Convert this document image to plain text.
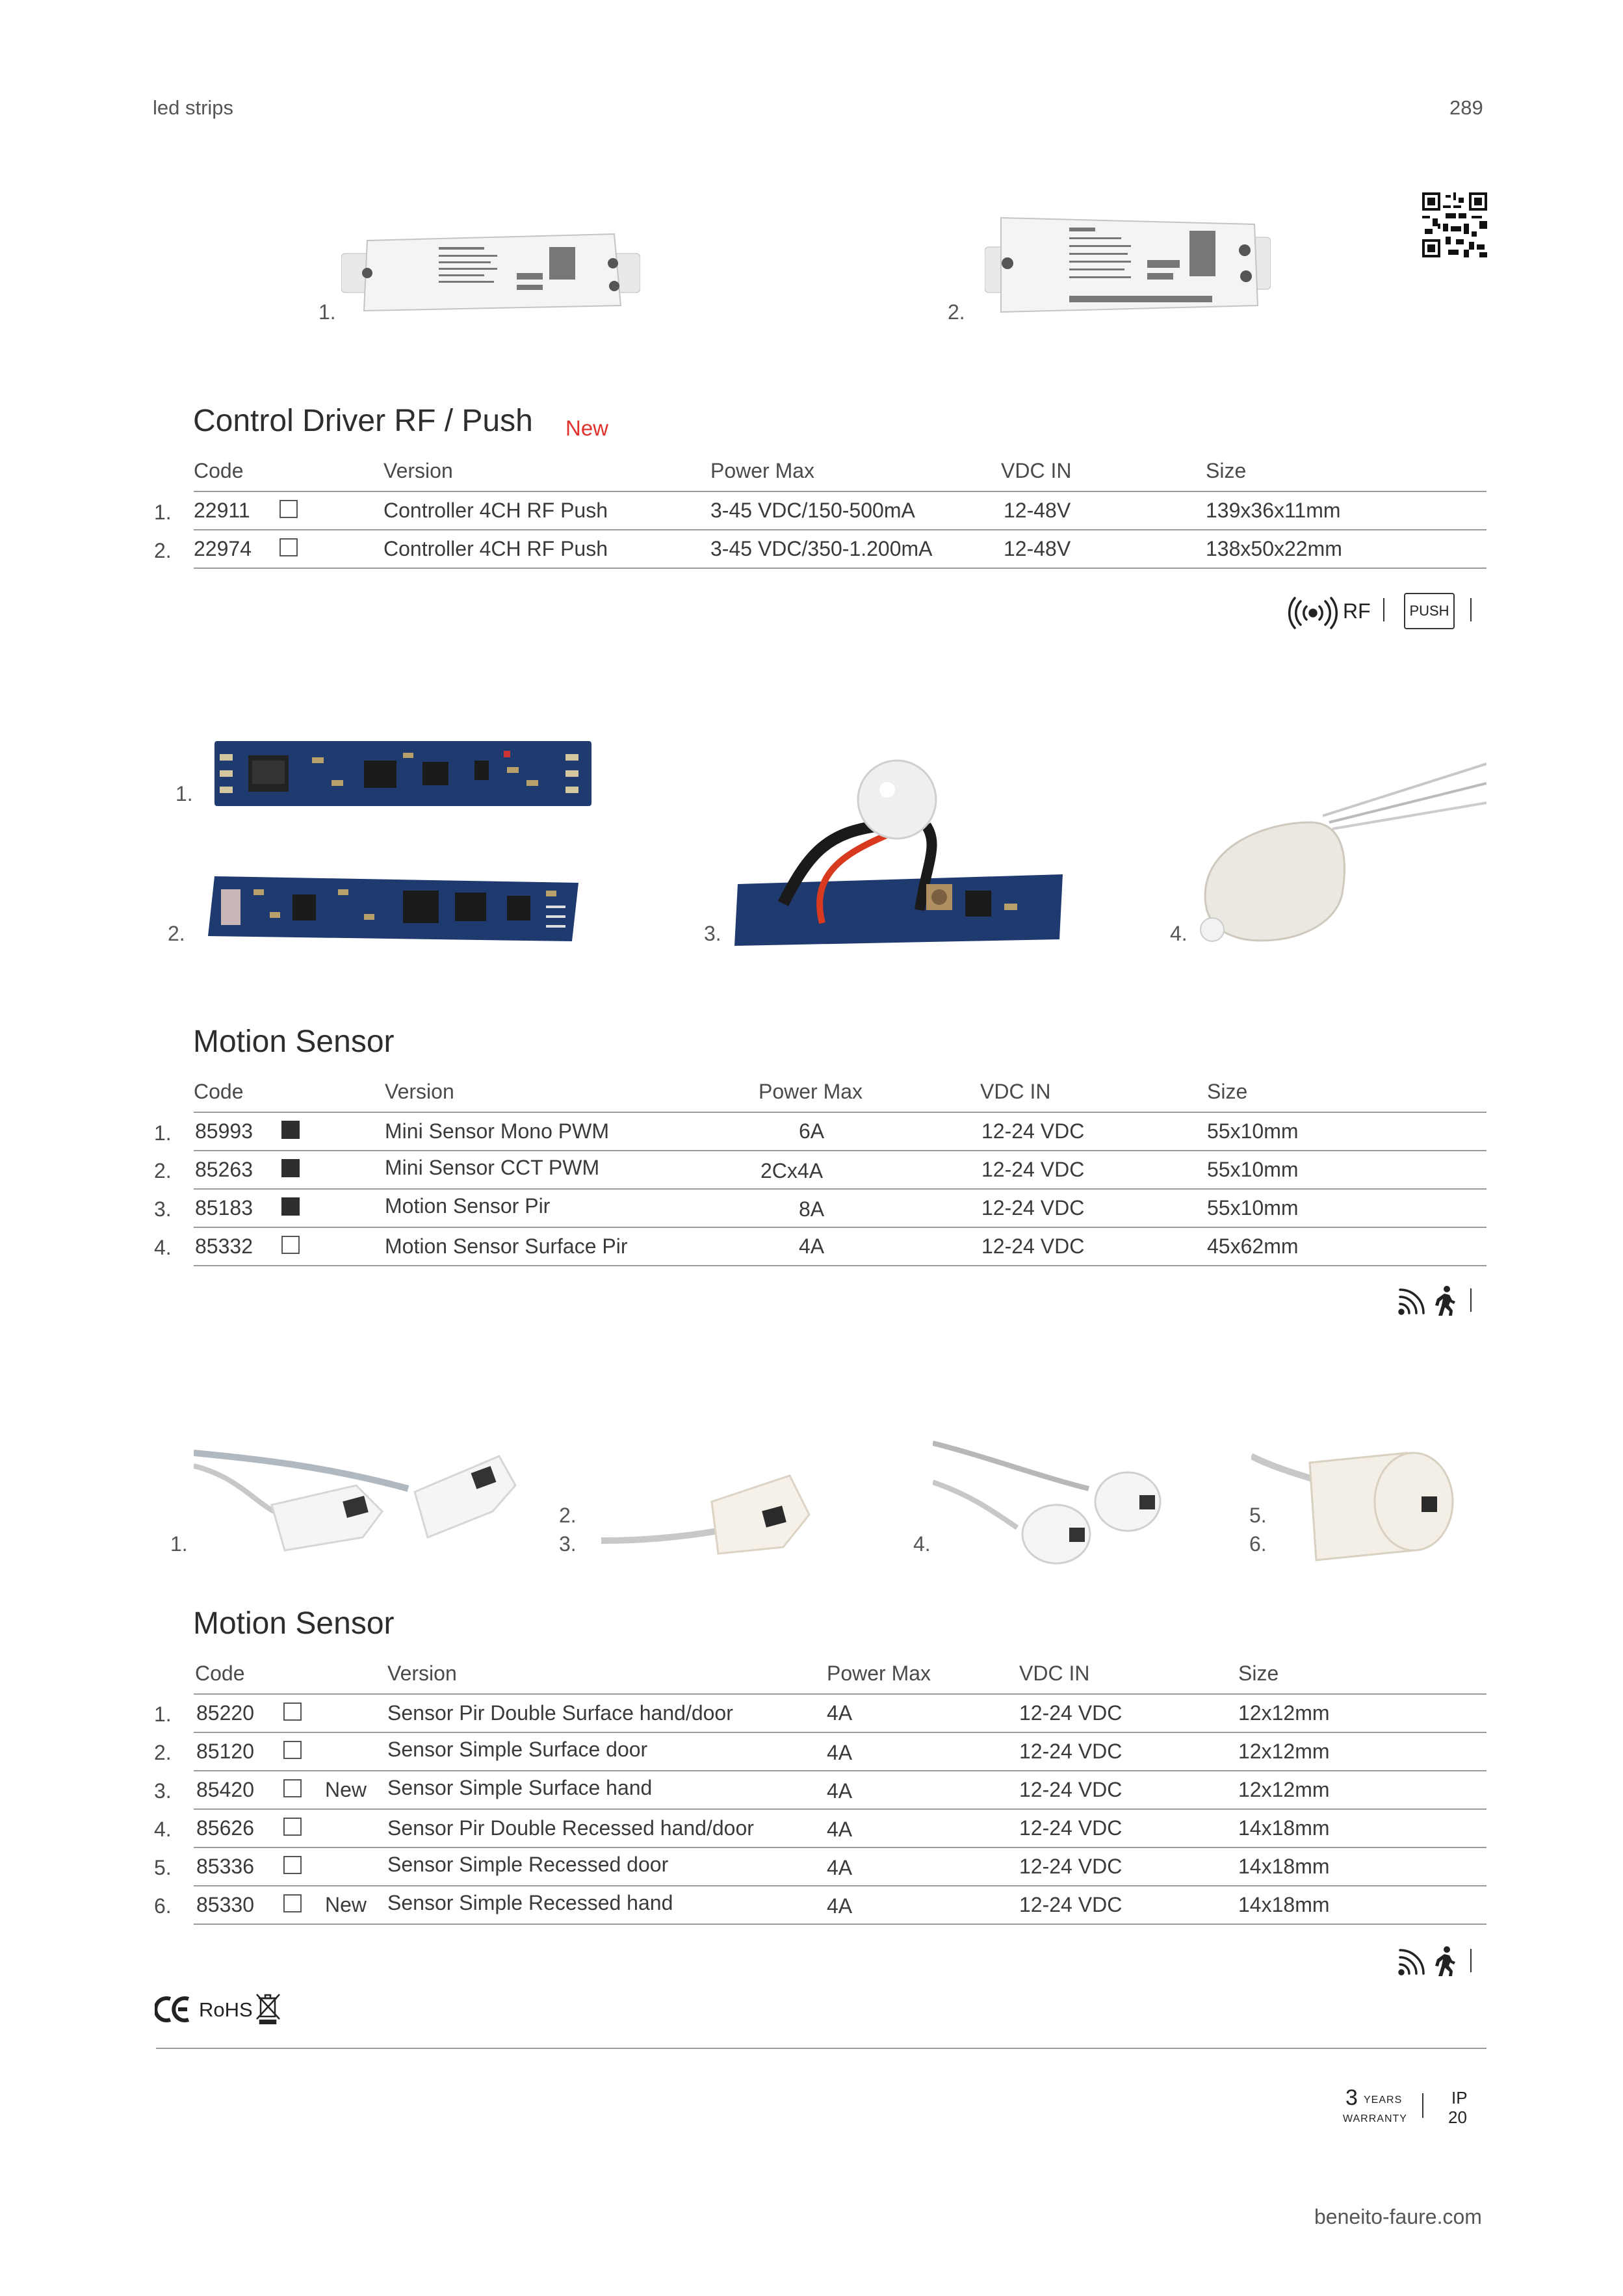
led strips	289
1.	2.
Control Driver RF / Push New
Code	Version	Power Max	VDC IN	Size
1. 22911	Controller 4CH RF Push	3-45 VDC/150-500mA	12-48V	139x36x11mm
2. 22974	Controller 4CH RF Push	3-45 VDC/350-1.200mA	12-48V	138x50x22mm
RF	PUSH
1.
2.	3.	4.
Motion Sensor
Code	Version	Power Max	VDC IN	Size
1. 85993	Mini Sensor Mono PWM	6A	12-24 VDC	55x10mm
2. 85263	Mini Sensor CCT PWM	2Cx4A	12-24 VDC	55x10mm
3. 85183	Motion Sensor Pir	8A	12-24 VDC	55x10mm
4. 85332	Motion Sensor Surface Pir	4A	12-24 VDC	45x62mm
1.
2.
3.	4.
5.
6.
Motion Sensor
Code	Version	Power Max	VDC IN	Size
1. 85220	Sensor Pir Double Surface hand/door	4A	12-24 VDC	12x12mm
2. 85120	Sensor Simple Surface door	4A	12-24 VDC	12x12mm
3. 85420	New Sensor Simple Surface hand	4A	12-24 VDC	12x12mm
4. 85626	Sensor Pir Double Recessed hand/door	4A	12-24 VDC	14x18mm
5. 85336	Sensor Simple Recessed door	4A	12-24 VDC	14x18mm
6. 85330	New Sensor Simple Recessed hand	4A	12-24 VDC	14x18mm
RoHS
3 YEARS
WARRANTY
IP
20
beneito-faure.com
